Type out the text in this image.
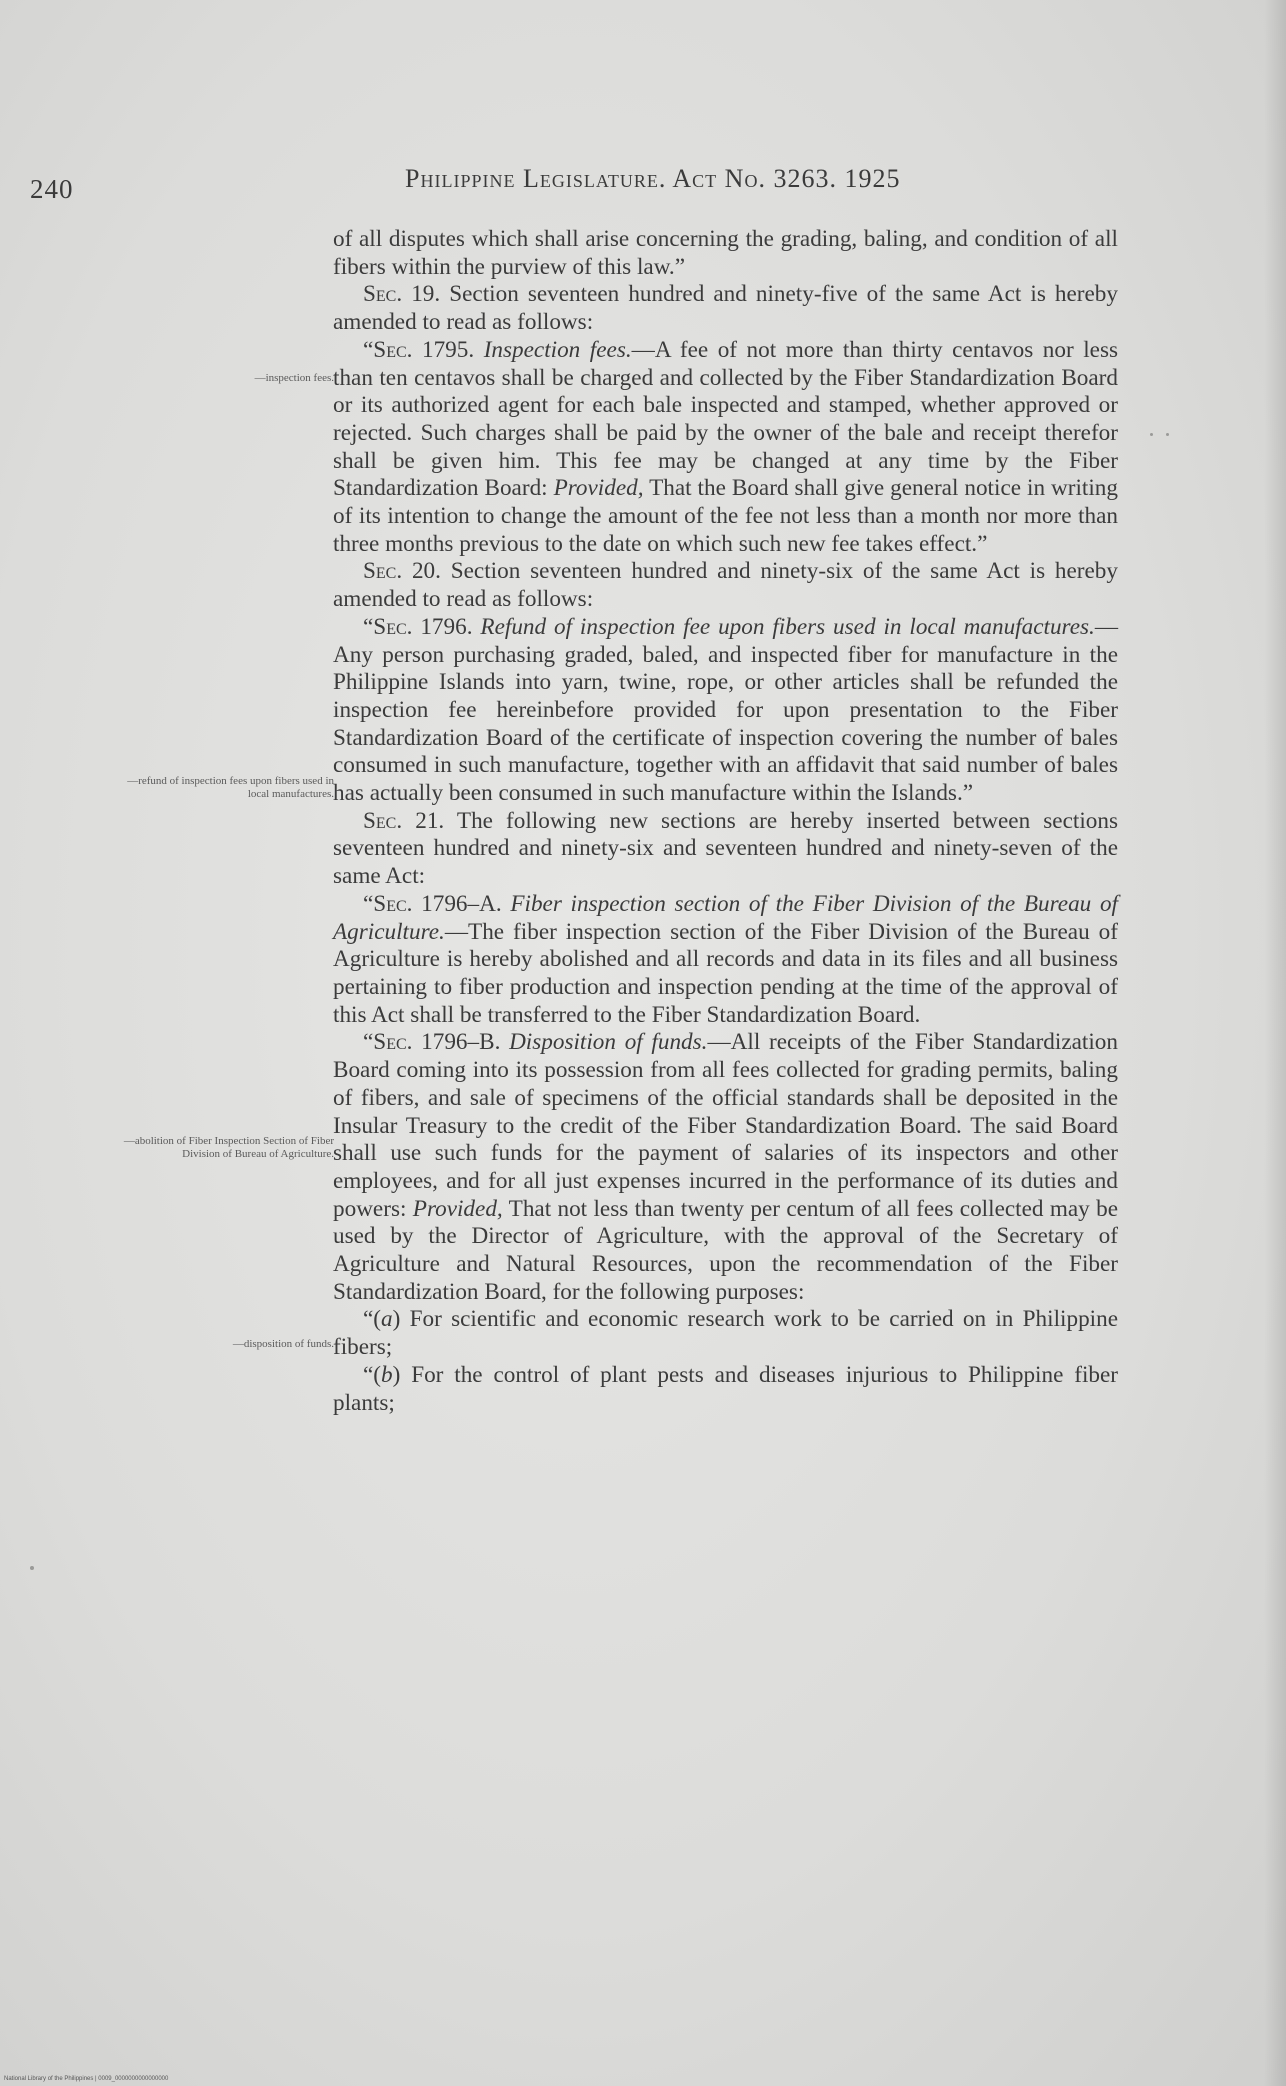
240	Philippine Legislature. Act No. 3263. 1925
—inspection fees.
—refund of inspection fees upon fibers used in local manufactures.
—abolition of Fiber Inspection Section of Fiber Division of Bureau of Agriculture.
—disposition of funds.

of all disputes which shall arise concerning the grading, baling, and condition of all fibers within the purview of this law.”

Sec. 19. Section seventeen hundred and ninety-five of the same Act is hereby amended to read as follows:

“Sec. 1795. Inspection fees.—A fee of not more than thirty centavos nor less than ten centavos shall be charged and collected by the Fiber Standardization Board or its authorized agent for each bale inspected and stamped, whether approved or rejected. Such charges shall be paid by the owner of the bale and receipt therefor shall be given him. This fee may be changed at any time by the Fiber Standardization Board: Provided, That the Board shall give general notice in writing of its intention to change the amount of the fee not less than a month nor more than three months previous to the date on which such new fee takes effect.”

Sec. 20. Section seventeen hundred and ninety-six of the same Act is hereby amended to read as follows:

“Sec. 1796. Refund of inspection fee upon fibers used in local manufactures.—Any person purchasing graded, baled, and inspected fiber for manufacture in the Philippine Islands into yarn, twine, rope, or other articles shall be refunded the inspection fee hereinbefore provided for upon presentation to the Fiber Standardization Board of the certificate of inspection covering the number of bales consumed in such manufacture, together with an affidavit that said number of bales has actually been consumed in such manufacture within the Islands.”

Sec. 21. The following new sections are hereby inserted between sections seventeen hundred and ninety-six and seventeen hundred and ninety-seven of the same Act:

“Sec. 1796–A. Fiber inspection section of the Fiber Division of the Bureau of Agriculture.—The fiber inspection section of the Fiber Division of the Bureau of Agriculture is hereby abolished and all records and data in its files and all business pertaining to fiber production and inspection pending at the time of the approval of this Act shall be transferred to the Fiber Standardization Board.

“Sec. 1796–B. Disposition of funds.—All receipts of the Fiber Standardization Board coming into its possession from all fees collected for grading permits, baling of fibers, and sale of specimens of the official standards shall be deposited in the Insular Treasury to the credit of the Fiber Standardization Board. The said Board shall use such funds for the payment of salaries of its inspectors and other employees, and for all just expenses incurred in the performance of its duties and powers: Provided, That not less than twenty per centum of all fees collected may be used by the Director of Agriculture, with the approval of the Secretary of Agriculture and Natural Resources, upon the recommendation of the Fiber Standardization Board, for the following purposes:

“(a) For scientific and economic research work to be carried on in Philippine fibers;

“(b) For the control of plant pests and diseases injurious to Philippine fiber plants;

National Library of the Philippines | 0009_0000000000000000
